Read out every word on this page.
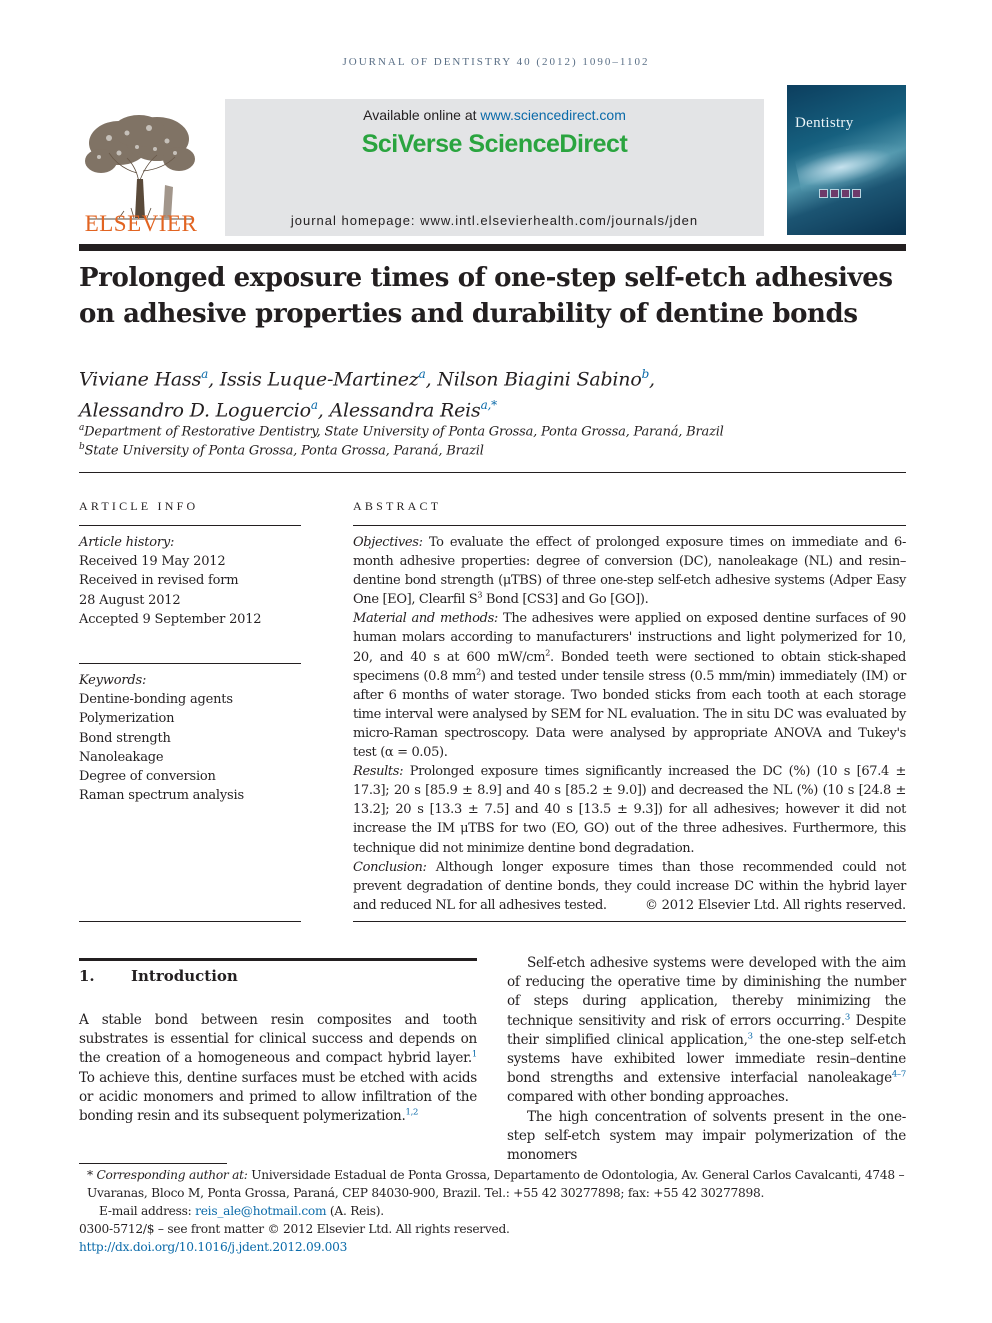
JOURNAL OF DENTISTRY 40 (2012) 1090–1102
ELSEVIER
Available online at www.sciencedirect.com
SciVerse ScienceDirect
journal homepage: www.intl.elsevierhealth.com/journals/jden
Dentistry
Prolonged exposure times of one-step self-etch adhesives on adhesive properties and durability of dentine bonds
Viviane Hass$^a$, Issis Luque-Martinez$^a$, Nilson Biagini Sabino$^b$,
Alessandro D. Loguercio$^a$, Alessandra Reis$^{a,*}$
$^a$Department of Restorative Dentistry, State University of Ponta Grossa, Ponta Grossa, Paraná, Brazil
$^b$State University of Ponta Grossa, Ponta Grossa, Paraná, Brazil
ARTICLE INFO
Article history:
Received 19 May 2012
Received in revised form
28 August 2012
Accepted 9 September 2012
Keywords:
Dentine-bonding agents
Polymerization
Bond strength
Nanoleakage
Degree of conversion
Raman spectrum analysis
ABSTRACT
Objectives: To evaluate the effect of prolonged exposure times on immediate and 6-month adhesive properties: degree of conversion (DC), nanoleakage (NL) and resin–dentine bond strength (μTBS) of three one-step self-etch adhesive systems (Adper Easy One [EO], Clearfil $S^3$ Bond [CS3] and Go [GO]).
Material and methods: The adhesives were applied on exposed dentine surfaces of 90 human molars according to manufacturers' instructions and light polymerized for 10, 20, and 40 s at 600 $mW/cm^2$. Bonded teeth were sectioned to obtain stick-shaped specimens (0.8 $mm^2$) and tested under tensile stress (0.5 mm/min) immediately (IM) or after 6 months of water storage. Two bonded sticks from each tooth at each storage time interval were analysed by SEM for NL evaluation. The in situ DC was evaluated by micro-Raman spectroscopy. Data were analysed by appropriate ANOVA and Tukey's test (α = 0.05).
Results: Prolonged exposure times significantly increased the DC (%) (10 s [67.4 ± 17.3]; 20 s [85.9 ± 8.9] and 40 s [85.2 ± 9.0]) and decreased the NL (%) (10 s [24.8 ± 13.2]; 20 s [13.3 ± 7.5] and 40 s [13.5 ± 9.3]) for all adhesives; however it did not increase the IM μTBS for two (EO, GO) out of the three adhesives. Furthermore, this technique did not minimize dentine bond degradation.
Conclusion: Although longer exposure times than those recommended could not prevent degradation of dentine bonds, they could increase DC within the hybrid layer and reduced NL for all adhesives tested.	© 2012 Elsevier Ltd. All rights reserved.
1. Introduction

A stable bond between resin composites and tooth substrates is essential for clinical success and depends on the creation of a homogeneous and compact hybrid layer.$^1$ To achieve this, dentine surfaces must be etched with acids or acidic monomers and primed to allow infiltration of the bonding resin and its subsequent polymerization.$^{1,2}$

Self-etch adhesive systems were developed with the aim of reducing the operative time by diminishing the number of steps during application, thereby minimizing the technique sensitivity and risk of errors occurring.$^3$ Despite their simplified clinical application,$^3$ the one-step self-etch systems have exhibited lower immediate resin–dentine bond strengths and extensive interfacial nanoleakage$^{4-7}$ compared with other bonding approaches.

The high concentration of solvents present in the one-step self-etch system may impair polymerization of the monomers

* Corresponding author at: Universidade Estadual de Ponta Grossa, Departamento de Odontologia, Av. General Carlos Cavalcanti, 4748 – Uvaranas, Bloco M, Ponta Grossa, Paraná, CEP 84030-900, Brazil. Tel.: +55 42 30277898; fax: +55 42 30277898.
E-mail address: reis_ale@hotmail.com (A. Reis).
0300-5712/$ – see front matter © 2012 Elsevier Ltd. All rights reserved.
http://dx.doi.org/10.1016/j.jdent.2012.09.003
